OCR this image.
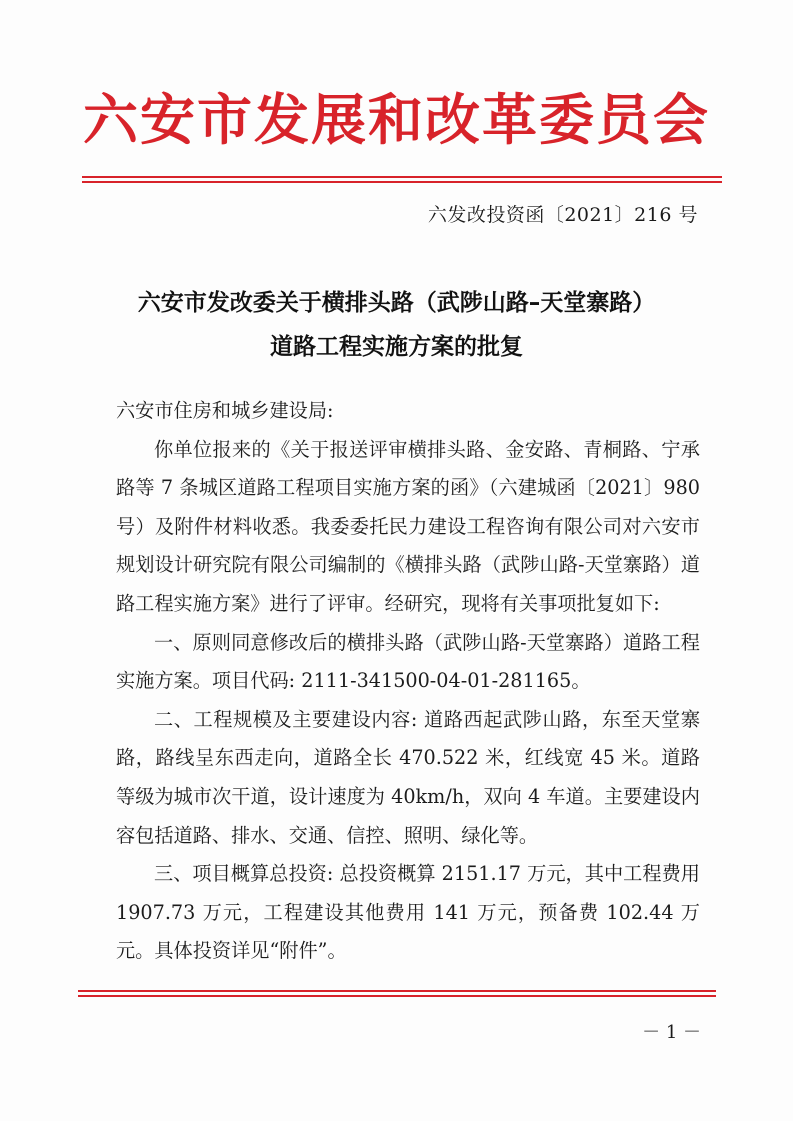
六安市发展和改革委员会
六发改投资函〔2021〕216 号
六安市发改委关于横排头路（武陟山路–天堂寨路）
道路工程实施方案的批复

六安市住房和城乡建设局:

你单位报来的《关于报送评审横排头路、金安路、青桐路、宁承路等 7 条城区道路工程项目实施方案的函》（六建城函〔2021〕980 号）及附件材料收悉。我委委托民力建设工程咨询有限公司对六安市规划设计研究院有限公司编制的《横排头路（武陟山路-天堂寨路）道路工程实施方案》进行了评审。经研究，现将有关事项批复如下:

一、原则同意修改后的横排头路（武陟山路-天堂寨路）道路工程实施方案。项目代码: 2111-341500-04-01-281165。

二、工程规模及主要建设内容: 道路西起武陟山路，东至天堂寨路，路线呈东西走向，道路全长 470.522 米，红线宽 45 米。道路等级为城市次干道，设计速度为 40km/h，双向 4 车道。主要建设内容包括道路、排水、交通、信控、照明、绿化等。

三、项目概算总投资: 总投资概算 2151.17 万元，其中工程费用 1907.73 万元，工程建设其他费用 141 万元，预备费 102.44 万元。具体投资详见“附件”。

－ 1 －
